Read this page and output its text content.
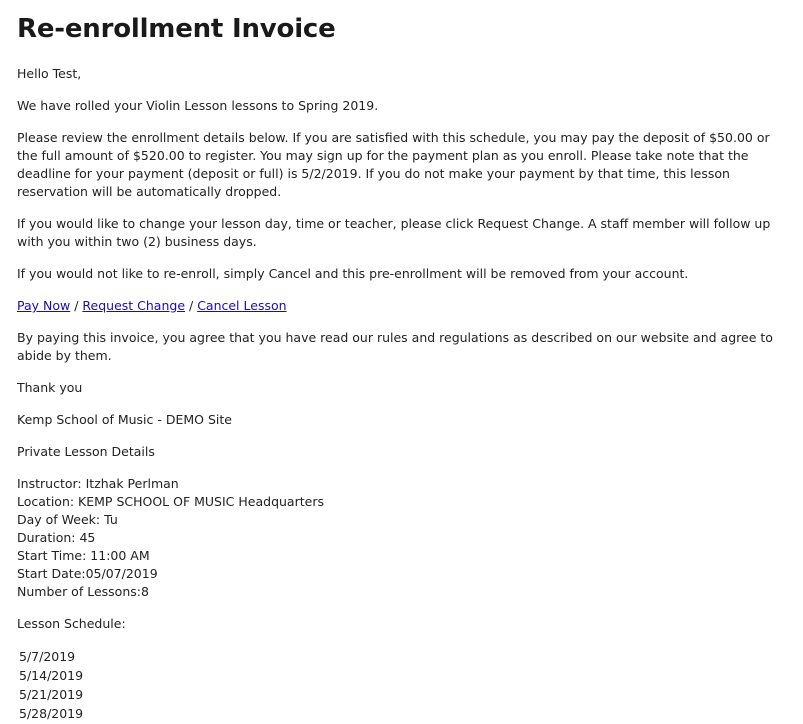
Re-enrollment Invoice

Hello Test,

We have rolled your Violin Lesson lessons to Spring 2019.

Please review the enrollment details below. If you are satisfied with this schedule, you may pay the deposit of $50.00 or the full amount of $520.00 to register. You may sign up for the payment plan as you enroll. Please take note that the deadline for your payment (deposit or full) is 5/2/2019. If you do not make your payment by that time, this lesson reservation will be automatically dropped.

If you would like to change your lesson day, time or teacher, please click Request Change. A staff member will follow up with you within two (2) business days.

If you would not like to re-enroll, simply Cancel and this pre-enrollment will be removed from your account.

Pay Now / Request Change / Cancel Lesson

By paying this invoice, you agree that you have read our rules and regulations as described on our website and agree to abide by them.

Thank you

Kemp School of Music - DEMO Site

Private Lesson Details

Instructor: Itzhak Perlman
Location: KEMP SCHOOL OF MUSIC Headquarters
Day of Week: Tu
Duration: 45
Start Time: 11:00 AM
Start Date:05/07/2019
Number of Lessons:8

Lesson Schedule:

5/7/2019
5/14/2019
5/21/2019
5/28/2019
